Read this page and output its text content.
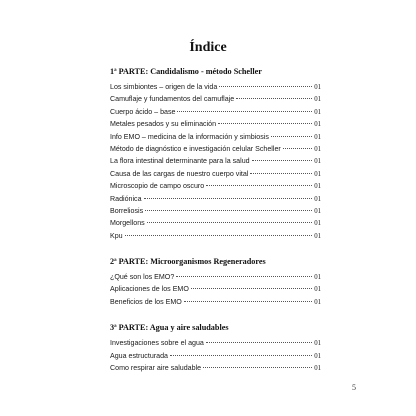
Índice
1ª PARTE: Candidalismo - método Scheller
Los simbiontes – origen de la vida	01
Camuflaje y fundamentos del camuflaje	01
Cuerpo ácido – base	01
Metales pesados y su eliminación	01
Info EMO – medicina de la información y simbiosis	01
Método de diagnóstico e investigación celular Scheller	01
La flora intestinal determinante para la salud	01
Causa de las cargas de nuestro cuerpo vital	01
Microscopio de campo oscuro	01
Radiónica	01
Borreliosis	01
Morgellons	01
Kpu	01
2ª PARTE: Microorganismos Regeneradores
¿Qué son los EMO?	01
Aplicaciones de los EMO	01
Beneficios de los EMO	01
3ª PARTE: Agua y aire saludables
Investigaciones sobre el agua	01
Agua estructurada	01
Como respirar aire saludable	01
5
